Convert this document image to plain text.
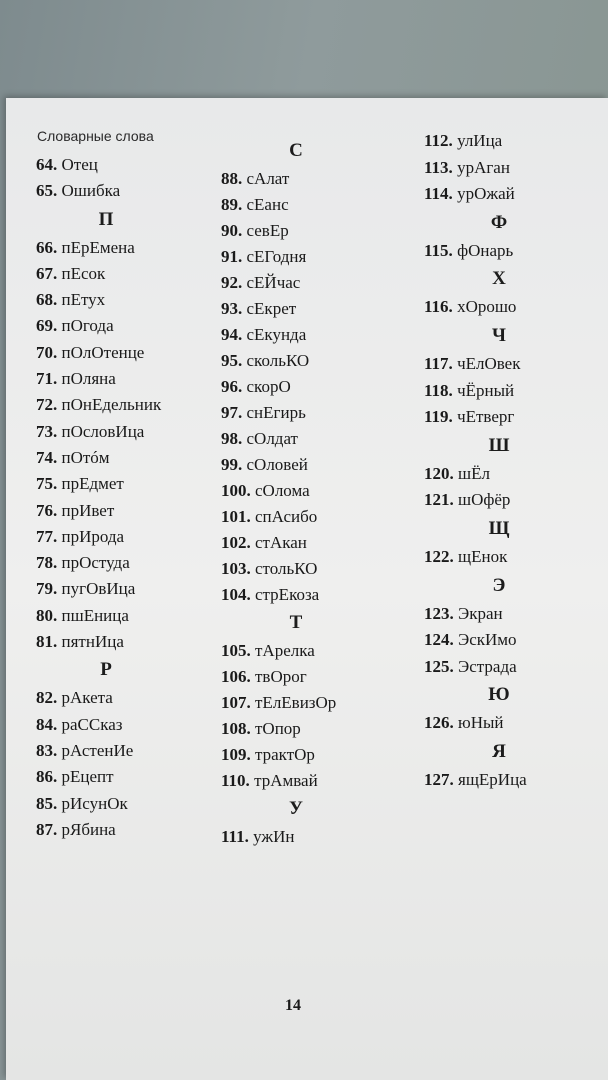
Словарные слова
64. Отец
65. Ошибка
П
66. пЕрЕмена
67. пЕсок
68. пЕтух
69. пОгода
70. пОлОтенце
71. пОляна
72. пОнЕдельник
73. пОсловИца
74. пОтóм
75. прЕдмет
76. прИвет
77. прИрода
78. прОстуда
79. пугОвИца
80. пшЕница
81. пятнИца
Р
82. рАкета
84. раССказ
83. рАстенИе
86. рЕцепт
85. рИсунОк
87. рЯбина
С
88. сАлат
89. сЕанс
90. севЕр
91. сЕГодня
92. сЕЙчас
93. сЕкрет
94. сЕкунда
95. скольКО
96. скорО
97. снЕгирь
98. сОлдат
99. сОловей
100. сОлома
101. спАсибо
102. стАкан
103. стольКО
104. стрЕкоза
Т
105. тАрелка
106. твОрог
107. тЕлЕвизОр
108. тОпор
109. трактОр
110. трАмвай
У
111. ужИн
112. улИца
113. урАган
114. урОжай
Ф
115. фОнарь
Х
116. хОрошо
Ч
117. чЕлОвек
118. чЁрный
119. чЕтверг
Ш
120. шЁл
121. шОфёр
Щ
122. щЕнок
Э
123. Экран
124. ЭскИмо
125. Эстрада
Ю
126. юНый
Я
127. ящЕрИца
14
